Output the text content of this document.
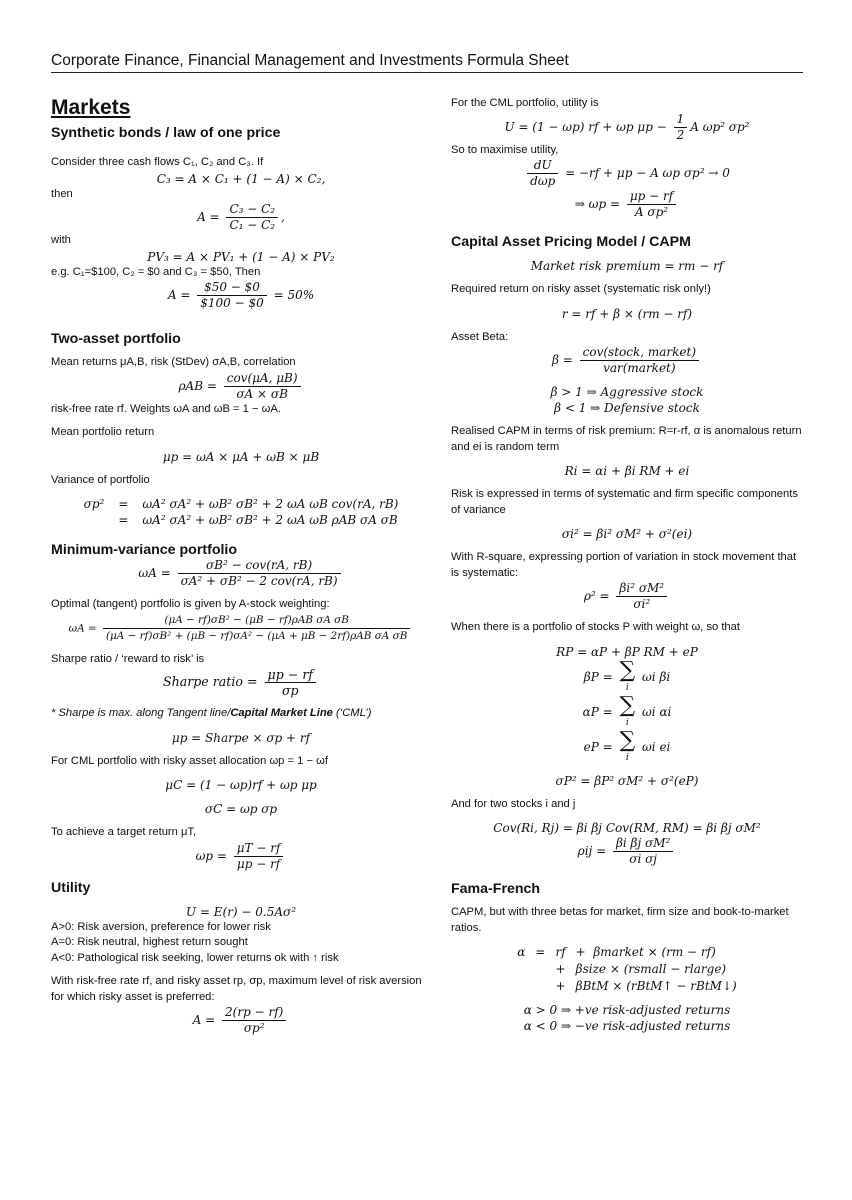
Corporate Finance, Financial Management and Investments Formula Sheet
Markets
Synthetic bonds / law of one price

Consider three cash flows C₁, C₂ and C₃. If

C₃ = A × C₁ + (1 − A) × C₂,

then

$A = \frac{\text{C₃ − C₂}}{\text{C₁ − C₂}}$ ,

with

PV₃ = A × PV₁ + (1 − A) × PV₂

e.g. C₁=$100, C₂ = $0 and C₃ = $50, Then

$A = \frac{\$50 - \$0}{\$100 - \$0} = 50\%$
Two-asset portfolio

Mean returns μA,B, risk (StDev) σA,B, correlation

$\rho AB = \frac{\text{cov(μA, μB)}}{\sigma A \times \sigma B}$

risk-free rate rf. Weights ωA and ωB = 1 − ωA.

Mean portfolio return

μp = ωA × μA + ωB × μB

Variance of portfolio

σp² = ωA² σA² + ωB² σB² + 2 ωA ωB cov(rA, rB)
= ωA² σA² + ωB² σB² + 2 ωA ωB ρAB σA σB
Minimum-variance portfolio
$\omega A = \frac{\text{σB² − cov(rA, rB)}}{\text{σA² + σB² − 2 cov(rA, rB)}}$

Optimal (tangent) portfolio is given by A-stock weighting:

$\omega A = \frac{\text{(μA − rf)σB² − (μB − rf)ρAB σA σB}}{\text{(μA − rf)σB² + (μB − rf)σA² − (μA + μB − 2rf)ρAB σA σB}}$

Sharpe ratio / ‘reward to risk’ is

Sharpe ratio = $\frac{\mu p - rf}{\sigma p}$

* Sharpe is max. along Tangent line/Capital Market Line (‘CML’)

μp = Sharpe × σp + rf

For CML portfolio with risky asset allocation ωp = 1 − ωf

μC = (1 − ωp)rf + ωp μp

σC = ωp σp

To achieve a target return μT,

$\omega p = \frac{\mu T - rf}{\mu p - rf}$
Utility

U = E(r) − 0.5Aσ²

A>0: Risk aversion, preference for lower risk

A=0: Risk neutral, highest return sought

A<0: Pathological risk seeking, lower returns ok with ↑ risk

With risk-free rate rf, and risky asset rp, σp, maximum level of risk aversion for which risky asset is preferred:

$A = \frac{2(rp - rf)}{\text{σp²}}$

For the CML portfolio, utility is

U = (1 − ωp) rf + ωp $\mu p - \frac{1}{2}$ A ωp² σp²

So to maximise utility,

$\frac{dU}{\text{dωp}} = -rf + \mu p - A$ ωp σp² → 0
⇒ $\omega p = \frac{\mu p - rf}{\text{A σp²}}$
Capital Asset Pricing Model / CAPM

Market risk premium = rm − rf

Required return on risky asset (systematic risk only!)

r = rf + β × (rm − rf)

Asset Beta:

$\beta = \frac{\text{cov(stock, market)}}{\text{var(market)}}$

β > 1 ⇒ Aggressive stock

β < 1 ⇒ Defensive stock

Realised CAPM in terms of risk premium: R=r-rf, α is anomalous return and ei is random term

Ri = αi + βi RM + ei

Risk is expressed in terms of systematic and firm specific components of variance

σi² = βi² σM² + σ²(ei)

With R-square, expressing portion of variation in stock movement that is systematic:

$\rho^2 = \frac{\text{βi² σM²}}{\text{σi²}}$

When there is a portfolio of stocks P with weight ω, so that

RP = αP + βP RM + eP

βP = ∑
i
ωi βi
αP = ∑
i
ωi αi
eP = ∑
i
ωi ei

σP² = βP² σM² + σ²(eP)

And for two stocks i and j

Cov(Ri, Rj) = βi βj Cov(RM, RM) = βi βj σM²

$\rho ij = \frac{\text{βi βj σM²}}{\text{σi σj}}$
Fama-French

CAPM, but with three betas for market, firm size and book-to-market ratios.

α = rf + βmarket × (rm − rf)
+ βsize × (rsmall − rlarge)
+ βBtM × (rBtM↑ − rBtM↓)

α > 0 ⇒ +ve risk-adjusted returns

α < 0 ⇒ −ve risk-adjusted returns
